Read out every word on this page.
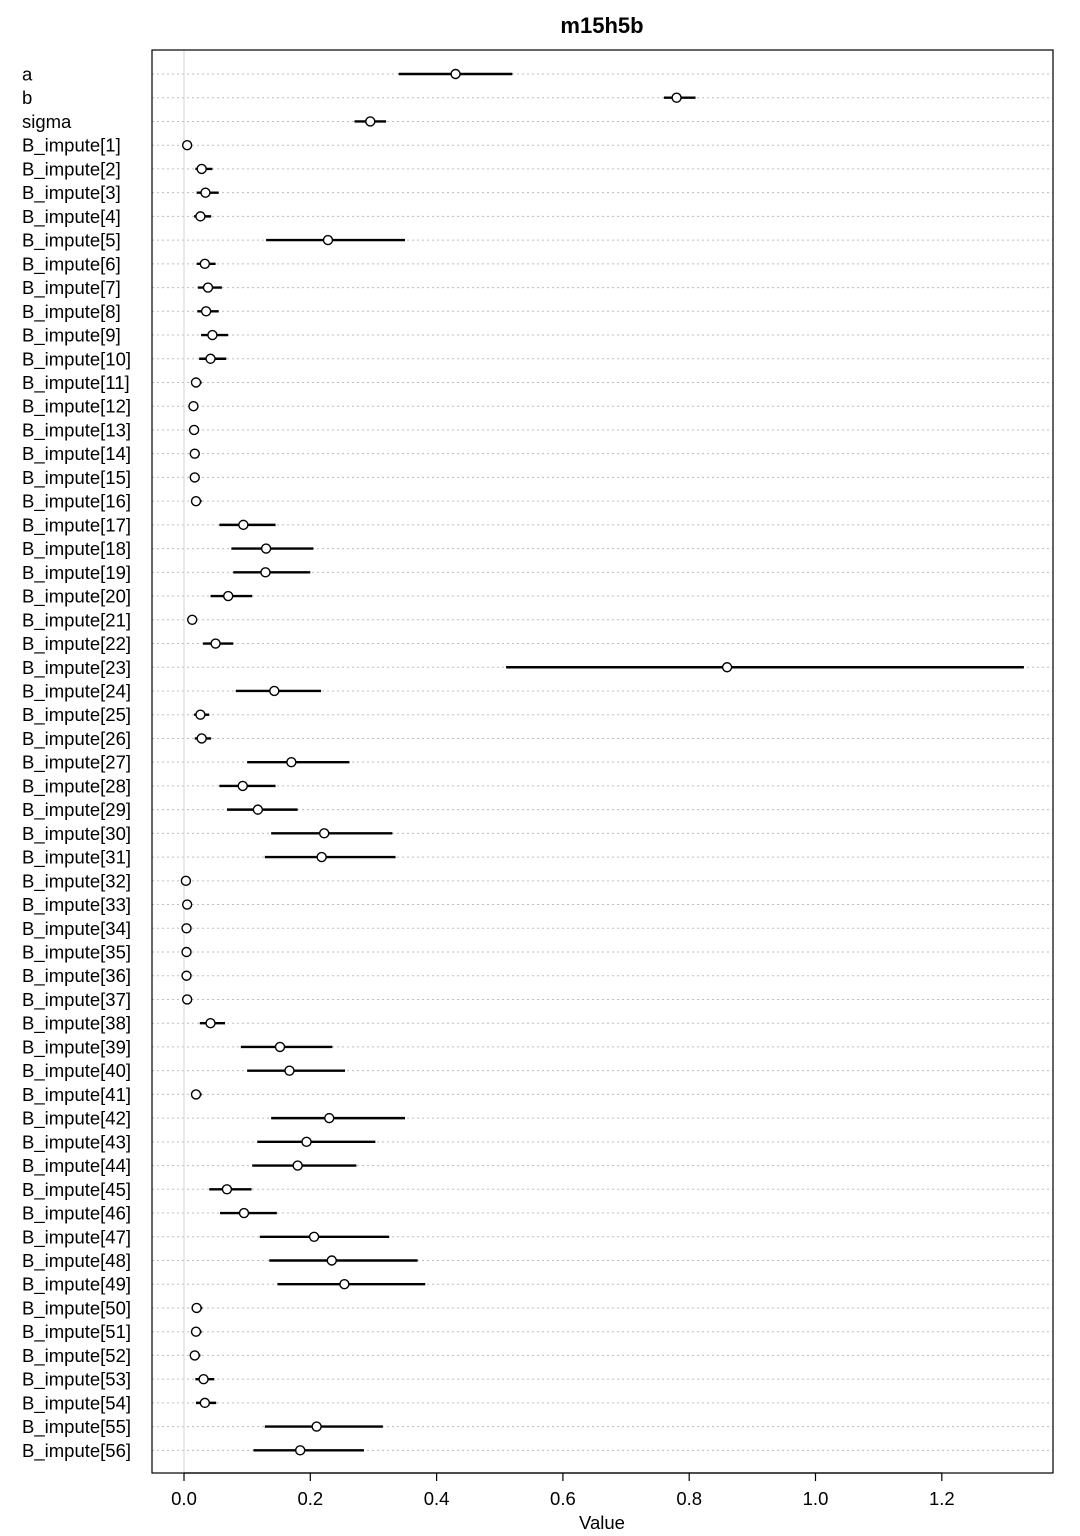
m15h5b
a
b
sigma
B_impute[1]
B_impute[2]
B_impute[3]
B_impute[4]
B_impute[5]
B_impute[6]
B_impute[7]
B_impute[8]
B_impute[9]
B_impute[10]
B_impute[11]
B_impute[12]
B_impute[13]
B_impute[14]
B_impute[15]
B_impute[16]
B_impute[17]
B_impute[18]
B_impute[19]
B_impute[20]
B_impute[21]
B_impute[22]
B_impute[23]
B_impute[24]
B_impute[25]
B_impute[26]
B_impute[27]
B_impute[28]
B_impute[29]
B_impute[30]
B_impute[31]
B_impute[32]
B_impute[33]
B_impute[34]
B_impute[35]
B_impute[36]
B_impute[37]
B_impute[38]
B_impute[39]
B_impute[40]
B_impute[41]
B_impute[42]
B_impute[43]
B_impute[44]
B_impute[45]
B_impute[46]
B_impute[47]
B_impute[48]
B_impute[49]
B_impute[50]
B_impute[51]
B_impute[52]
B_impute[53]
B_impute[54]
B_impute[55]
B_impute[56]
0.0	0.2	0.4	0.6	0.8	1.0	1.2
Value
